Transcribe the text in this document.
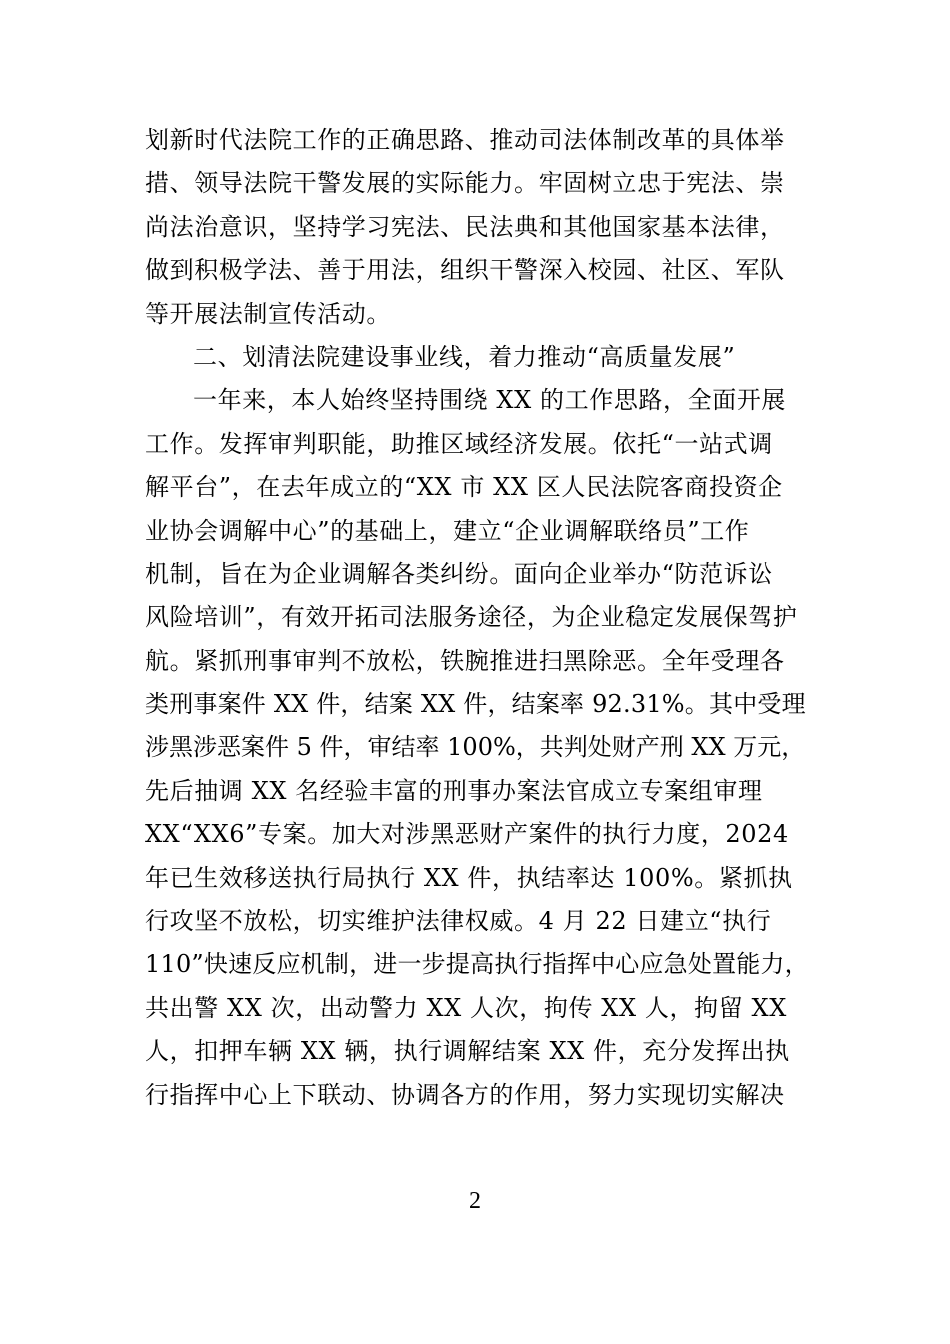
划新时代法院工作的正确思路、推动司法体制改革的具体举
措、领导法院干警发展的实际能力。牢固树立忠于宪法、崇
尚法治意识，坚持学习宪法、民法典和其他国家基本法律，
做到积极学法、善于用法，组织干警深入校园、社区、军队
等开展法制宣传活动。
二、划清法院建设事业线，着力推动“高质量发展”
一年来，本人始终坚持围绕 XX 的工作思路，全面开展
工作。发挥审判职能，助推区域经济发展。依托“一站式调
解平台”，在去年成立的“XX 市 XX 区人民法院客商投资企
业协会调解中心”的基础上，建立“企业调解联络员”工作
机制，旨在为企业调解各类纠纷。面向企业举办“防范诉讼
风险培训”，有效开拓司法服务途径，为企业稳定发展保驾护
航。紧抓刑事审判不放松，铁腕推进扫黑除恶。全年受理各
类刑事案件 XX 件，结案 XX 件，结案率 92.31%。其中受理
涉黑涉恶案件 5 件，审结率 100%，共判处财产刑 XX 万元，
先后抽调 XX 名经验丰富的刑事办案法官成立专案组审理
XX“XX6”专案。加大对涉黑恶财产案件的执行力度，2024
年已生效移送执行局执行 XX 件，执结率达 100%。紧抓执
行攻坚不放松，切实维护法律权威。4 月 22 日建立“执行
110”快速反应机制，进一步提高执行指挥中心应急处置能力，
共出警 XX 次，出动警力 XX 人次，拘传 XX 人，拘留 XX
人，扣押车辆 XX 辆，执行调解结案 XX 件，充分发挥出执
行指挥中心上下联动、协调各方的作用，努力实现切实解决
2
